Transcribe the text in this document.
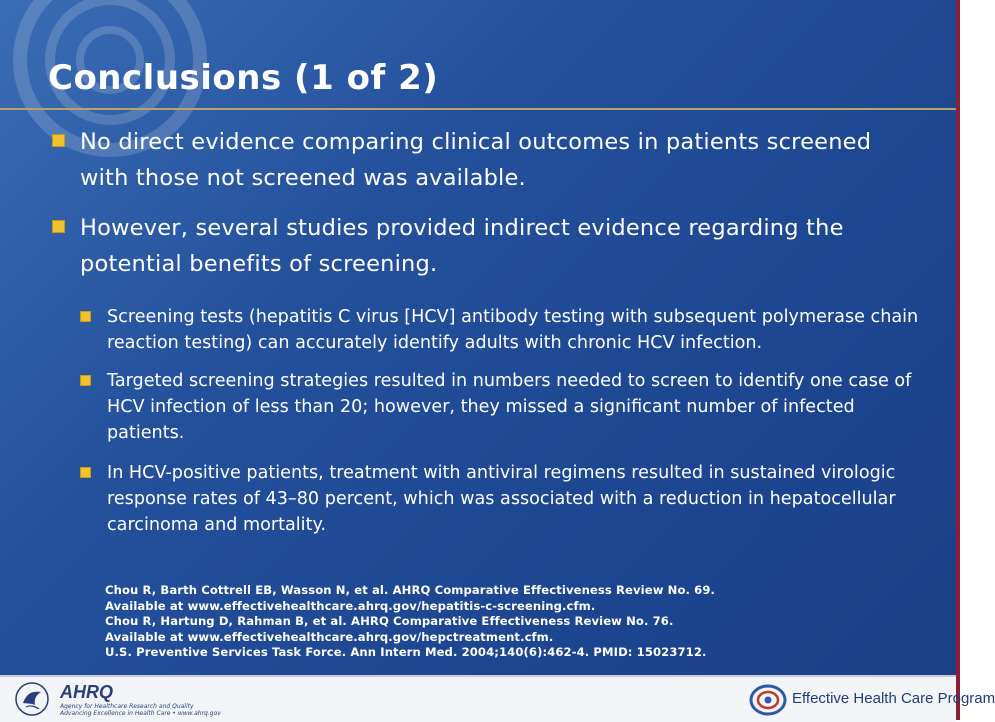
Conclusions (1 of 2)
No direct evidence comparing clinical outcomes in patients screened with those not screened was available.
However, several studies provided indirect evidence regarding the potential benefits of screening.
Screening tests (hepatitis C virus [HCV] antibody testing with subsequent polymerase chain reaction testing) can accurately identify adults with chronic HCV infection.
Targeted screening strategies resulted in numbers needed to screen to identify one case of HCV infection of less than 20; however, they missed a significant number of infected patients.
In HCV-positive patients, treatment with antiviral regimens resulted in sustained virologic response rates of 43–80 percent, which was associated with a reduction in hepatocellular carcinoma and mortality.
Chou R, Barth Cottrell EB, Wasson N, et al. AHRQ Comparative Effectiveness Review No. 69.
Available at www.effectivehealthcare.ahrq.gov/hepatitis-c-screening.cfm.
Chou R, Hartung D, Rahman B, et al. AHRQ Comparative Effectiveness Review No. 76.
Available at www.effectivehealthcare.ahrq.gov/hepctreatment.cfm.
U.S. Preventive Services Task Force. Ann Intern Med. 2004;140(6):462-4. PMID: 15023712.
AHRQ
Agency for Healthcare Research and Quality
Advancing Excellence in Health Care • www.ahrq.gov
Effective Health Care Program
